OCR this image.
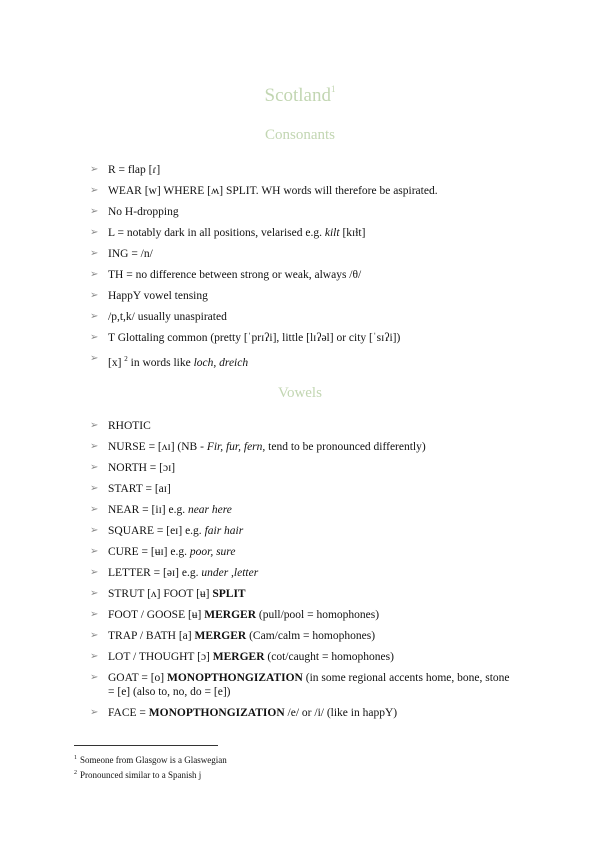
Scotland$^1$
Consonants
➢ R = flap [ɾ]
➢ WEAR [w] WHERE [ʍ] SPLIT. WH words will therefore be aspirated.
➢ No H-dropping
➢ L = notably dark in all positions, velarised e.g. kilt [kɪɫt]
➢ ING = /n/
➢ TH = no difference between strong or weak, always /θ/
➢ HappY vowel tensing
➢ /p,t,k/ usually unaspirated
➢ T Glottaling common (pretty [ˈprɪʔi], little [lɪʔəl] or city [ˈsɪʔi])
➢ [x] $^2$ in words like loch, dreich
Vowels
➢ RHOTIC
➢ NURSE = [ʌɪ] (NB - Fir, fur, fern, tend to be pronounced differently)
➢ NORTH = [ɔɪ]
➢ START = [aɪ]
➢ NEAR = [iɪ] e.g. near here
➢ SQUARE = [eɪ] e.g. fair hair
➢ CURE = [ʉɪ] e.g. poor, sure
➢ LETTER = [əɪ] e.g. under ,letter
➢ STRUT [ʌ] FOOT [ʉ] SPLIT
➢ FOOT / GOOSE [ʉ] MERGER (pull/pool = homophones)
➢ TRAP / BATH [a] MERGER (Cam/calm = homophones)
➢ LOT / THOUGHT [ɔ] MERGER (cot/caught = homophones)
➢ GOAT = [o] MONOPTHONGIZATION (in some regional accents home, bone, stone = [e] (also to, no, do = [e])
➢ FACE = MONOPTHONGIZATION /e/ or /i/ (like in happY)
$^1$ Someone from Glasgow is a Glaswegian
$^2$ Pronounced similar to a Spanish j
